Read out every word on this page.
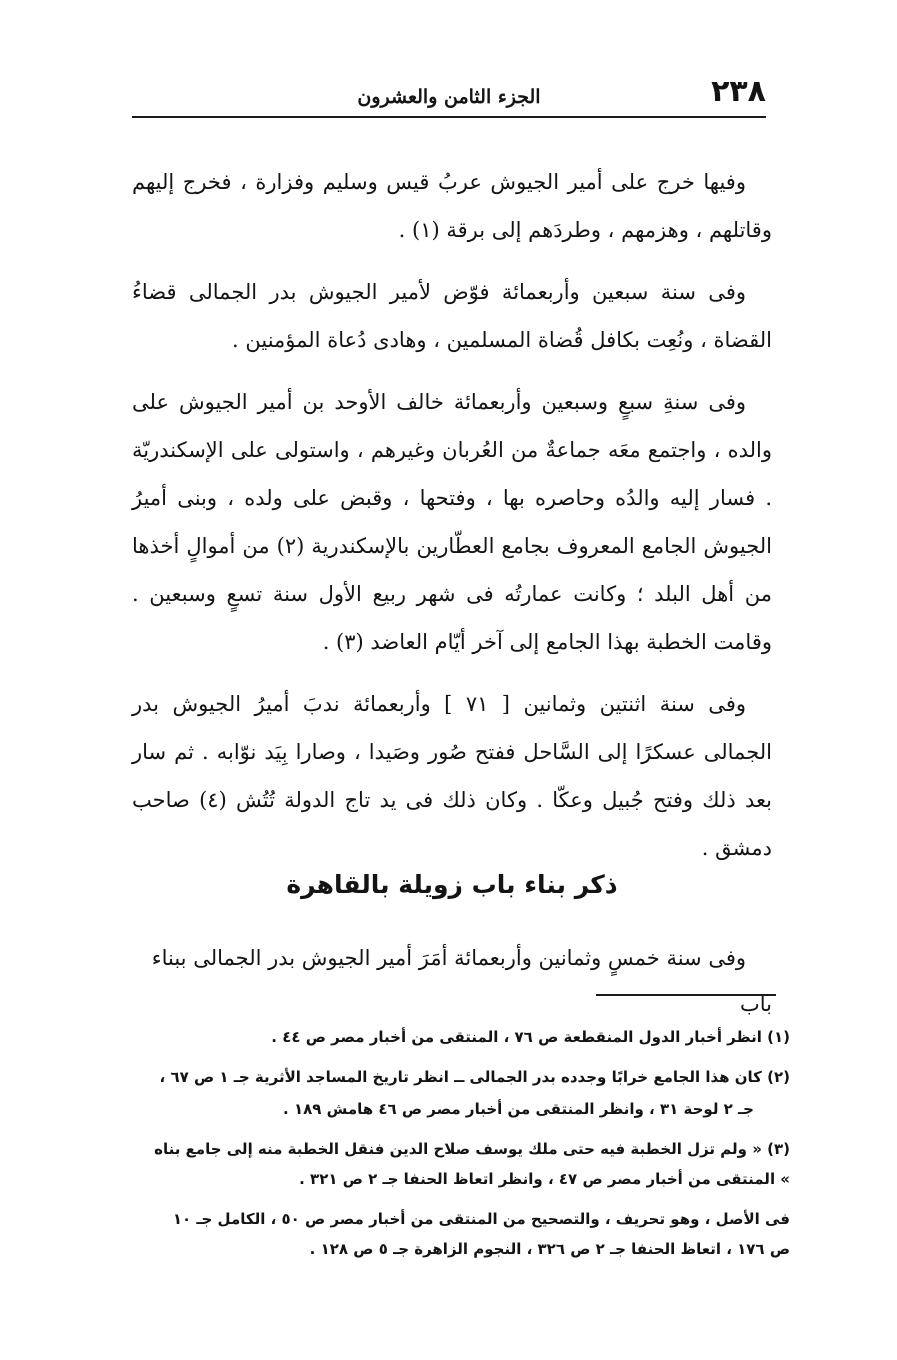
٢٣٨
الجزء الثامن والعشرون

وفيها خرج على أمير الجيوش عربُ قيس وسليم وفزارة ، فخرج إليهم وقاتلهم ، وهزمهم ، وطردَهم إلى برقة (١) .

وفى سنة سبعين وأربعمائة فوّض لأمير الجيوش بدر الجمالى قضاءُ القضاة ، ونُعِت بكافل قُضاة المسلمين ، وهادى دُعاة المؤمنين .

وفى سنةِ سبعٍ وسبعين وأربعمائة خالف الأوحد بن أمير الجيوش على والده ، واجتمع معَه جماعةٌ من العُربان وغيرهم ، واستولى على الإسكندريّة . فسار إليه والدُه وحاصره بها ، وفتحها ، وقبض على ولده ، وبنى أميرُ الجيوش الجامع المعروف بجامع العطّارين بالإسكندرية (٢) من أموالٍ أخذها من أهل البلد ؛ وكانت عمارتُه فى شهر ربيع الأول سنة تسعٍ وسبعين . وقامت الخطبة بهذا الجامع إلى آخر أيّام العاضد (٣) .

وفى سنة اثنتين وثمانين [ ٧١ ] وأربعمائة ندبَ أميرُ الجيوش بدر الجمالى عسكرًا إلى السَّاحل ففتح صُور وصَيدا ، وصارا بِيَد نوّابه . ثم سار بعد ذلك وفتح جُبيل وعكّا . وكان ذلك فى يد تاج الدولة تُتُش (٤) صاحب دمشق .

ذكر بناء باب زويلة بالقاهرة

وفى سنة خمسٍ وثمانين وأربعمائة أمَرَ أمير الجيوش بدر الجمالى ببناء باب

(١) انظر أخبار الدول المنقطعة ص ٧٦ ، المنتقى من أخبار مصر ص ٤٤ .

(٢) كان هذا الجامع خرابًا وجدده بدر الجمالى ــ انظر تاريخ المساجد الأثرية جـ ١ ص ٦٧ ،

جـ ٢ لوحة ٣١ ، وانظر المنتقى من أخبار مصر ص ٤٦ هامش ١٨٩ .

(٣) « ولم تزل الخطبة فيه حتى ملك يوسف صلاح الدين فنقل الخطبة منه إلى جامع بناه » المنتقى من أخبار مصر ص ٤٧ ، وانظر اتعاظ الحنفا جـ ٢ ص ٣٢١ .

فى الأصل ، وهو تحريف ، والتصحيح من المنتقى من أخبار مصر ص ٥٠ ، الكامل جـ ١٠ ص ١٧٦ ، اتعاظ الحنفا جـ ٢ ص ٣٢٦ ، النجوم الزاهرة جـ ٥ ص ١٢٨ .
